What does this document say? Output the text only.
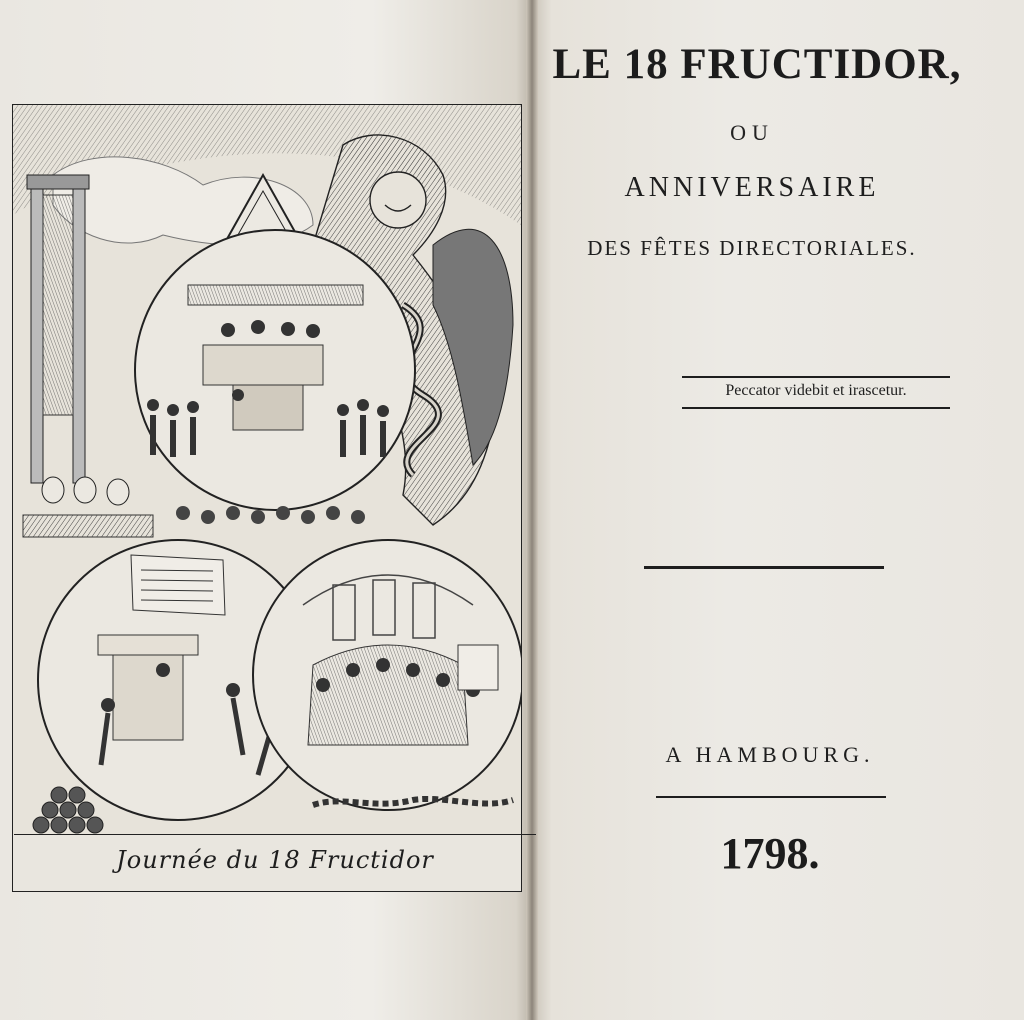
Journée du 18 Fructidor
LE 18 FRUCTIDOR,
OU
ANNIVERSAIRE
DES FÊTES DIRECTORIALES.
Peccator videbit et irascetur.
A HAMBOURG.
1798.
